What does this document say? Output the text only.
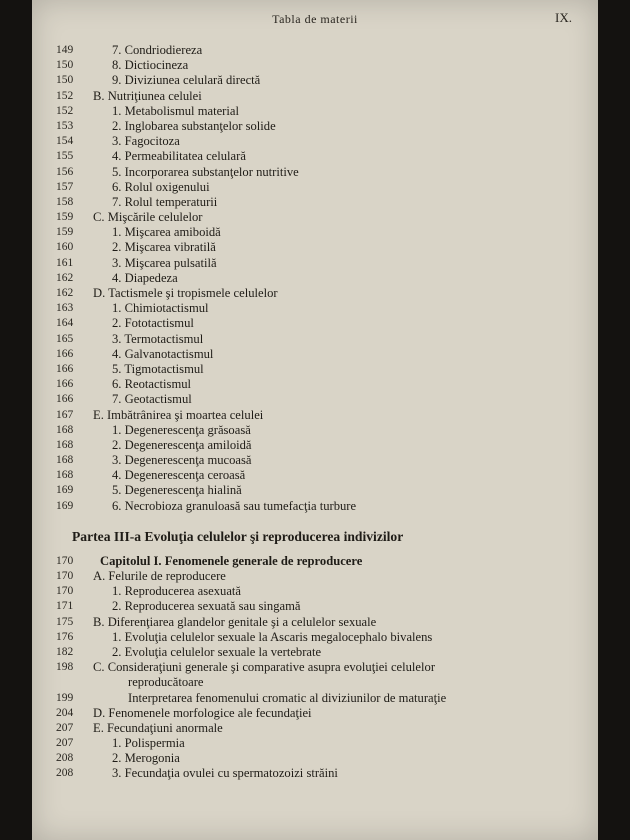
Tabla de materii	IX.
149	7. Condriodiereza
150	8. Dictiocineza
150	9. Diviziunea celulară directă
152	B. Nutriţiunea celulei
152	1. Metabolismul material
153	2. Inglobarea substanţelor solide
154	3. Fagocitoza
155	4. Permeabilitatea celulară
156	5. Incorporarea substanţelor nutritive
157	6. Rolul oxigenului
158	7. Rolul temperaturii
159	C. Mişcările celulelor
159	1. Mişcarea amiboidă
160	2. Mişcarea vibratilă
161	3. Mişcarea pulsatilă
162	4. Diapedeza
162	D. Tactismele şi tropismele celulelor
163	1. Chimiotactismul
164	2. Fototactismul
165	3. Termotactismul
166	4. Galvanotactismul
166	5. Tigmotactismul
166	6. Reotactismul
166	7. Geotactismul
167	E. Imbătrânirea şi moartea celulei
168	1. Degenerescenţa grăsoasă
168	2. Degenerescenţa amiloidă
168	3. Degenerescenţa mucoasă
168	4. Degenerescenţa ceroasă
169	5. Degenerescenţa hialină
169	6. Necrobioza granuloasă sau tumefacţia turbure
Partea III-a Evoluţia celulelor şi reproducerea indivizilor
170	Capitolul I. Fenomenele generale de reproducere
170	A. Felurile de reproducere
170	1. Reproducerea asexuată
171	2. Reproducerea sexuată sau singamă
175	B. Diferenţiarea glandelor genitale şi a celulelor sexuale
176	1. Evoluţia celulelor sexuale la Ascaris megalocephalo bivalens
182	2. Evoluţia celulelor sexuale la vertebrate
198	C. Consideraţiuni generale şi comparative asupra evoluţiei celulelor
reproducătoare
199	Interpretarea fenomenului cromatic al diviziunilor de maturaţie
204	D. Fenomenele morfologice ale fecundaţiei
207	E. Fecundaţiuni anormale
207	1. Polispermia
208	2. Merogonia
208	3. Fecundaţia ovulei cu spermatozoizi străini
